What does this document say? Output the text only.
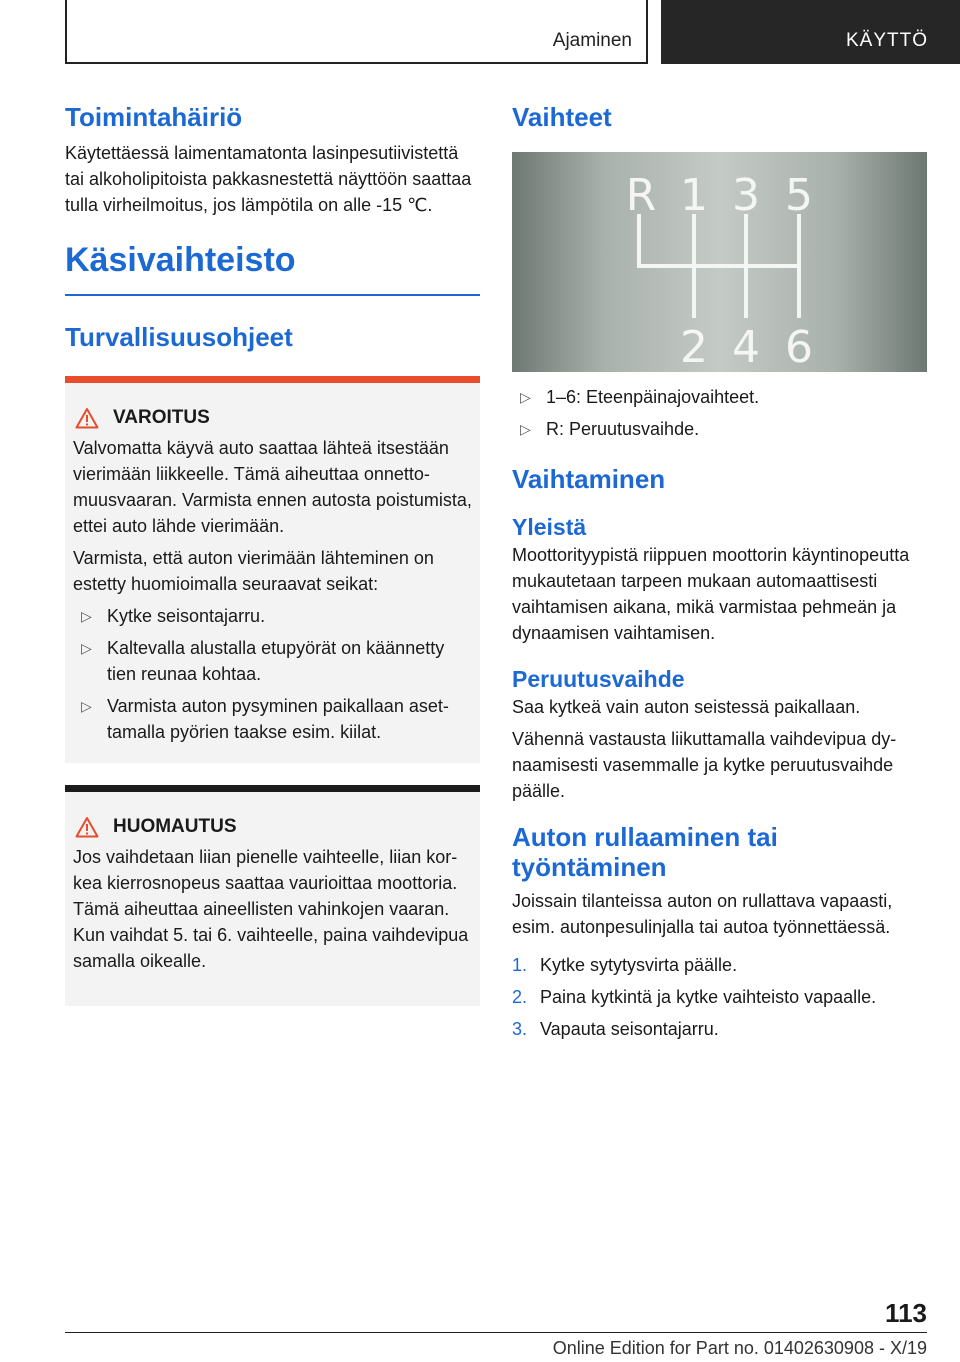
Ajaminen	KÄYTTÖ
Toimintahäiriö

Käytettäessä laimentamatonta lasinpesutiivistettä tai alkoholipitoista pakkasnestettä näyttöön saattaa tulla virheilmoitus, jos lämpötila on alle -15 ℃.

Käsivaihteisto
Turvallisuusohjeet
VAROITUS

Valvomatta käyvä auto saattaa lähteä itsestään vierimään liikkeelle. Tämä aiheuttaa onnettomuusvaaran. Varmista ennen autosta poistumista, ettei auto lähde vierimään.

Varmista, että auton vierimään lähteminen on estetty huomioimalla seuraavat seikat:

▷ Kytke seisontajarru.
▷ Kaltevalla alustalla etupyörät on käännetty tien reunaa kohtaa.
▷ Varmista auton pysyminen paikallaan asettamalla pyörien taakse esim. kiilat.
HUOMAUTUS

Jos vaihdetaan liian pienelle vaihteelle, liian korkea kierrosnopeus saattaa vaurioittaa moottoria. Tämä aiheuttaa aineellisten vahinkojen vaaran. Kun vaihdat 5. tai 6. vaihteelle, paina vaihdevipua samalla oikealle.

Vaihteet
R 1 3 5
2 4 6
▷ 1–6: Eteenpäinajovaihteet.
▷ R: Peruutusvaihde.
Vaihtaminen
Yleistä

Moottorityypistä riippuen moottorin käyntinopeutta mukautetaan tarpeen mukaan automaattisesti vaihtamisen aikana, mikä varmistaa pehmeän ja dynaamisen vaihtamisen.

Peruutusvaihde

Saa kytkeä vain auton seistessä paikallaan.

Vähennä vastausta liikuttamalla vaihdevipua dynaamisesti vasemmalle ja kytke peruutusvaihde päälle.

Auton rullaaminen tai työntäminen

Joissain tilanteissa auton on rullattava vapaasti, esim. autonpesulinjalla tai autoa työnnettäessä.

1. Kytke sytytysvirta päälle.
2. Paina kytkintä ja kytke vaihteisto vapaalle.
3. Vapauta seisontajarru.
113
Online Edition for Part no. 01402630908 - X/19
